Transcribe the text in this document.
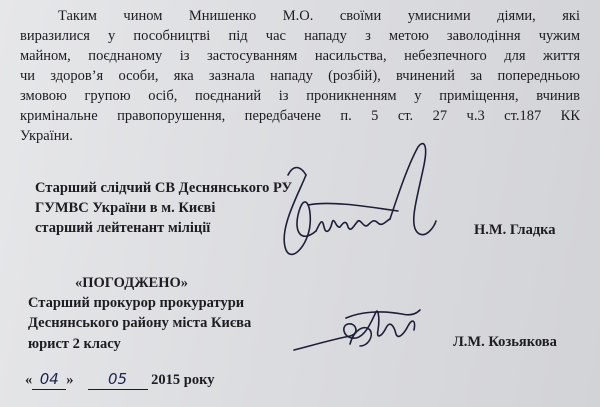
Таким чином Мнишенко М.О. своїми умисними діями, які
виразилися у пособництві під час нападу з метою заволодіння чужим
майном, поєднаному із застосуванням насильства, небезпечного для життя
чи здоров’я особи, яка зазнала нападу (розбій), вчинений за попередньою
змовою групою осіб, поєднаний із проникненням у приміщення, вчинив
кримінальне правопорушення, передбачене п. 5 ст. 27 ч.3 ст.187 КК
України.
Старший слідчий СВ Деснянського РУ
ГУМВС України в м. Києві
старший лейтенант міліції	Н.М. Гладка
«ПОГОДЖЕНО»
Старший прокурор прокуратури
Деснянського району міста Києва
юрист 2 класу	Л.М. Козьякова
« 04 » 05 2015 року
